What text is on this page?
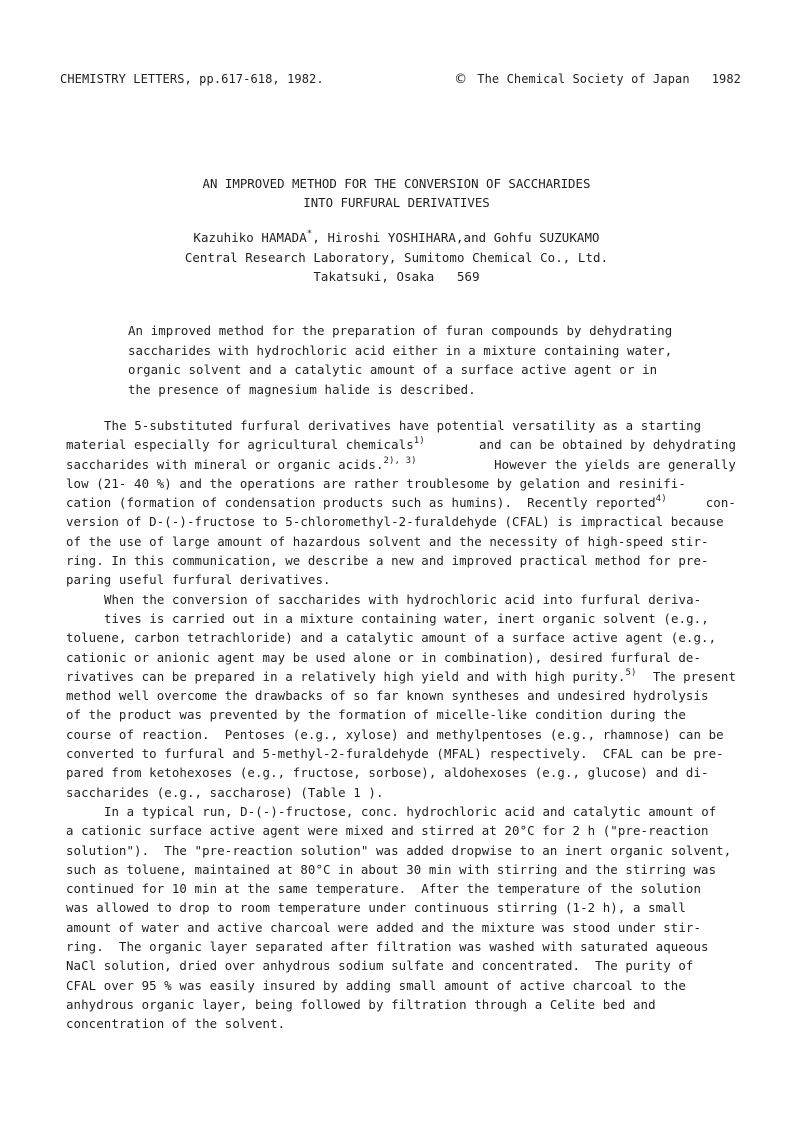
CHEMISTRY LETTERS, pp.617-618, 1982.	© The Chemical Society of Japan 1982
AN IMPROVED METHOD FOR THE CONVERSION OF SACCHARIDES
INTO FURFURAL DERIVATIVES
Kazuhiko HAMADA*, Hiroshi YOSHIHARA,and Gohfu SUZUKAMO
Central Research Laboratory, Sumitomo Chemical Co., Ltd.
Takatsuki, Osaka   569
An improved method for the preparation of furan compounds by dehydrating
saccharides with hydrochloric acid either in a mixture containing water,
organic solvent and a catalytic amount of a surface active agent or in
the presence of magnesium halide is described.
The 5-substituted furfural derivatives have potential versatility as a starting
material especially for agricultural chemicals$^{1)}$	and can be obtained by dehydrating
saccharides with mineral or organic acids.$^{2), 3)}$	However the yields are generally
low (21- 40 %) and the operations are rather troublesome by gelation and resinifi-
cation (formation of condensation products such as humins).  Recently reported$^{4)}$	con-
version of D-(-)-fructose to 5-chloromethyl-2-furaldehyde (CFAL) is impractical because
of the use of large amount of hazardous solvent and the necessity of high-speed stir-
ring. In this communication, we describe a new and improved practical method for pre-
paring useful furfural derivatives.
When the conversion of saccharides with hydrochloric acid into furfural deriva-
tives is carried out in a mixture containing water, inert organic solvent (e.g.,
toluene, carbon tetrachloride) and a catalytic amount of a surface active agent (e.g.,
cationic or anionic agent may be used alone or in combination), desired furfural de-
rivatives can be prepared in a relatively high yield and with high purity.$^{5)}$ The present
method well overcome the drawbacks of so far known syntheses and undesired hydrolysis
of the product was prevented by the formation of micelle-like condition during the
course of reaction.  Pentoses (e.g., xylose) and methylpentoses (e.g., rhamnose) can be
converted to furfural and 5-methyl-2-furaldehyde (MFAL) respectively.  CFAL can be pre-
pared from ketohexoses (e.g., fructose, sorbose), aldohexoses (e.g., glucose) and di-
saccharides (e.g., saccharose) (Table 1 ).
In a typical run, D-(-)-fructose, conc. hydrochloric acid and catalytic amount of
a cationic surface active agent were mixed and stirred at 20°C for 2 h ("pre-reaction
solution").  The "pre-reaction solution" was added dropwise to an inert organic solvent,
such as toluene, maintained at 80°C in about 30 min with stirring and the stirring was
continued for 10 min at the same temperature.  After the temperature of the solution
was allowed to drop to room temperature under continuous stirring (1-2 h), a small
amount of water and active charcoal were added and the mixture was stood under stir-
ring.  The organic layer separated after filtration was washed with saturated aqueous
NaCl solution, dried over anhydrous sodium sulfate and concentrated.  The purity of
CFAL over 95 % was easily insured by adding small amount of active charcoal to the
anhydrous organic layer, being followed by filtration through a Celite bed and
concentration of the solvent.
